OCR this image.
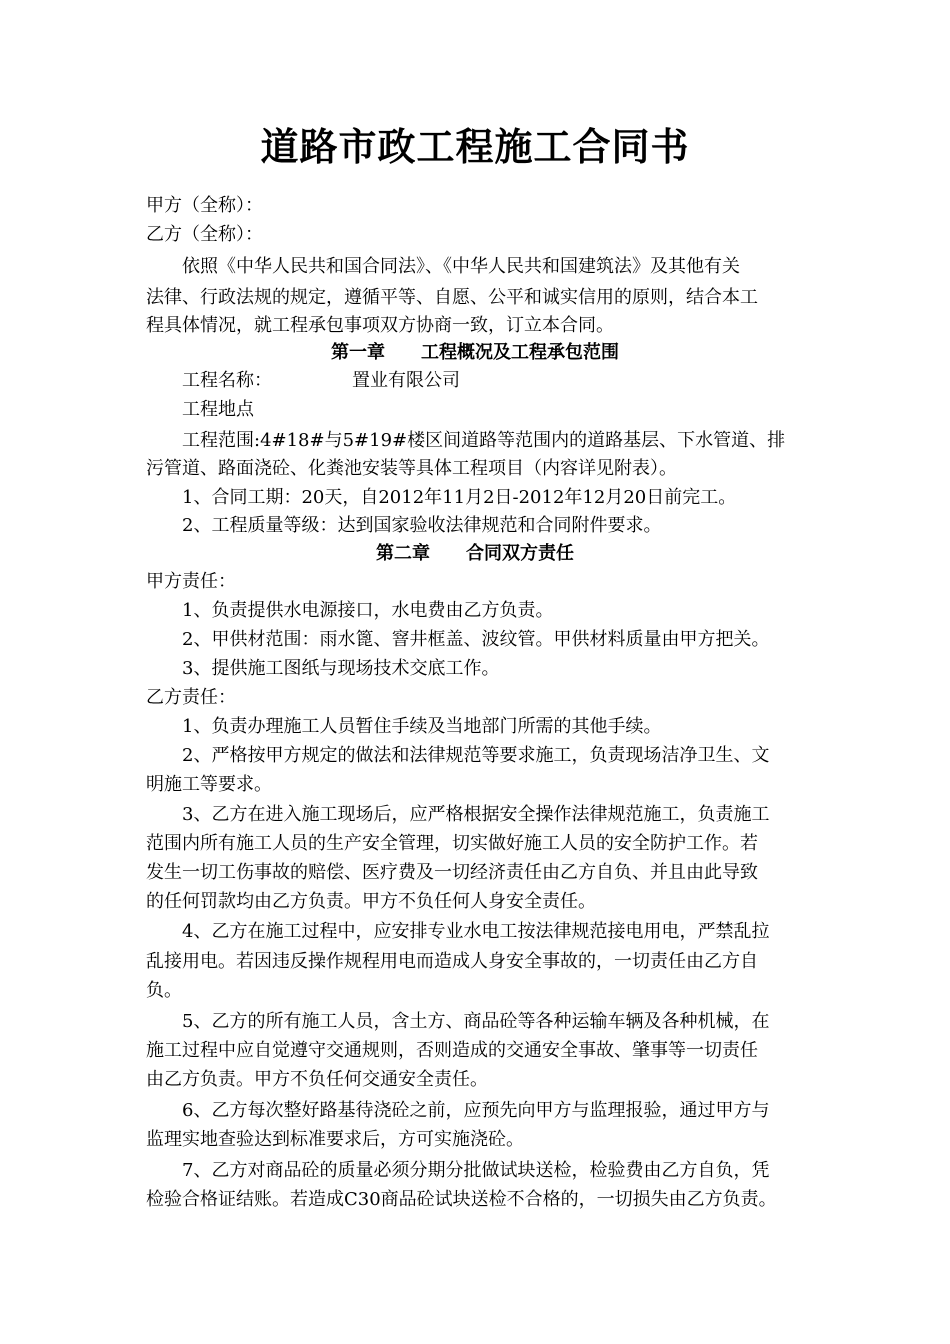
道路市政工程施工合同书
甲方（全称）：
乙方（全称）：
依照《中华人民共和国合同法》、《中华人民共和国建筑法》及其他有关
法律、行政法规的规定，遵循平等、自愿、公平和诚实信用的原则，结合本工
程具体情况，就工程承包事项双方协商一致，订立本合同。
第一章　　工程概况及工程承包范围
工程名称：	置业有限公司
工程地点
工程范围:4#18#与5#19#楼区间道路等范围内的道路基层、下水管道、排
污管道、路面浇砼、化粪池安装等具体工程项目（内容详见附表）。
1、合同工期：20天，自2012年11月2日-2012年12月20日前完工。
2、工程质量等级：达到国家验收法律规范和合同附件要求。
第二章　　合同双方责任
甲方责任：
1、负责提供水电源接口，水电费由乙方负责。
2、甲供材范围：雨水篦、窨井框盖、波纹管。甲供材料质量由甲方把关。
3、提供施工图纸与现场技术交底工作。
乙方责任：
1、负责办理施工人员暂住手续及当地部门所需的其他手续。
2、严格按甲方规定的做法和法律规范等要求施工，负责现场洁净卫生、文
明施工等要求。
3、乙方在进入施工现场后，应严格根据安全操作法律规范施工，负责施工
范围内所有施工人员的生产安全管理，切实做好施工人员的安全防护工作。若
发生一切工伤事故的赔偿、医疗费及一切经济责任由乙方自负、并且由此导致
的任何罚款均由乙方负责。甲方不负任何人身安全责任。
4、乙方在施工过程中，应安排专业水电工按法律规范接电用电，严禁乱拉
乱接用电。若因违反操作规程用电而造成人身安全事故的，一切责任由乙方自
负。
5、乙方的所有施工人员，含土方、商品砼等各种运输车辆及各种机械，在
施工过程中应自觉遵守交通规则，否则造成的交通安全事故、肇事等一切责任
由乙方负责。甲方不负任何交通安全责任。
6、乙方每次整好路基待浇砼之前，应预先向甲方与监理报验，通过甲方与
监理实地查验达到标准要求后，方可实施浇砼。
7、乙方对商品砼的质量必须分期分批做试块送检，检验费由乙方自负，凭
检验合格证结账。若造成C30商品砼试块送检不合格的，一切损失由乙方负责。
